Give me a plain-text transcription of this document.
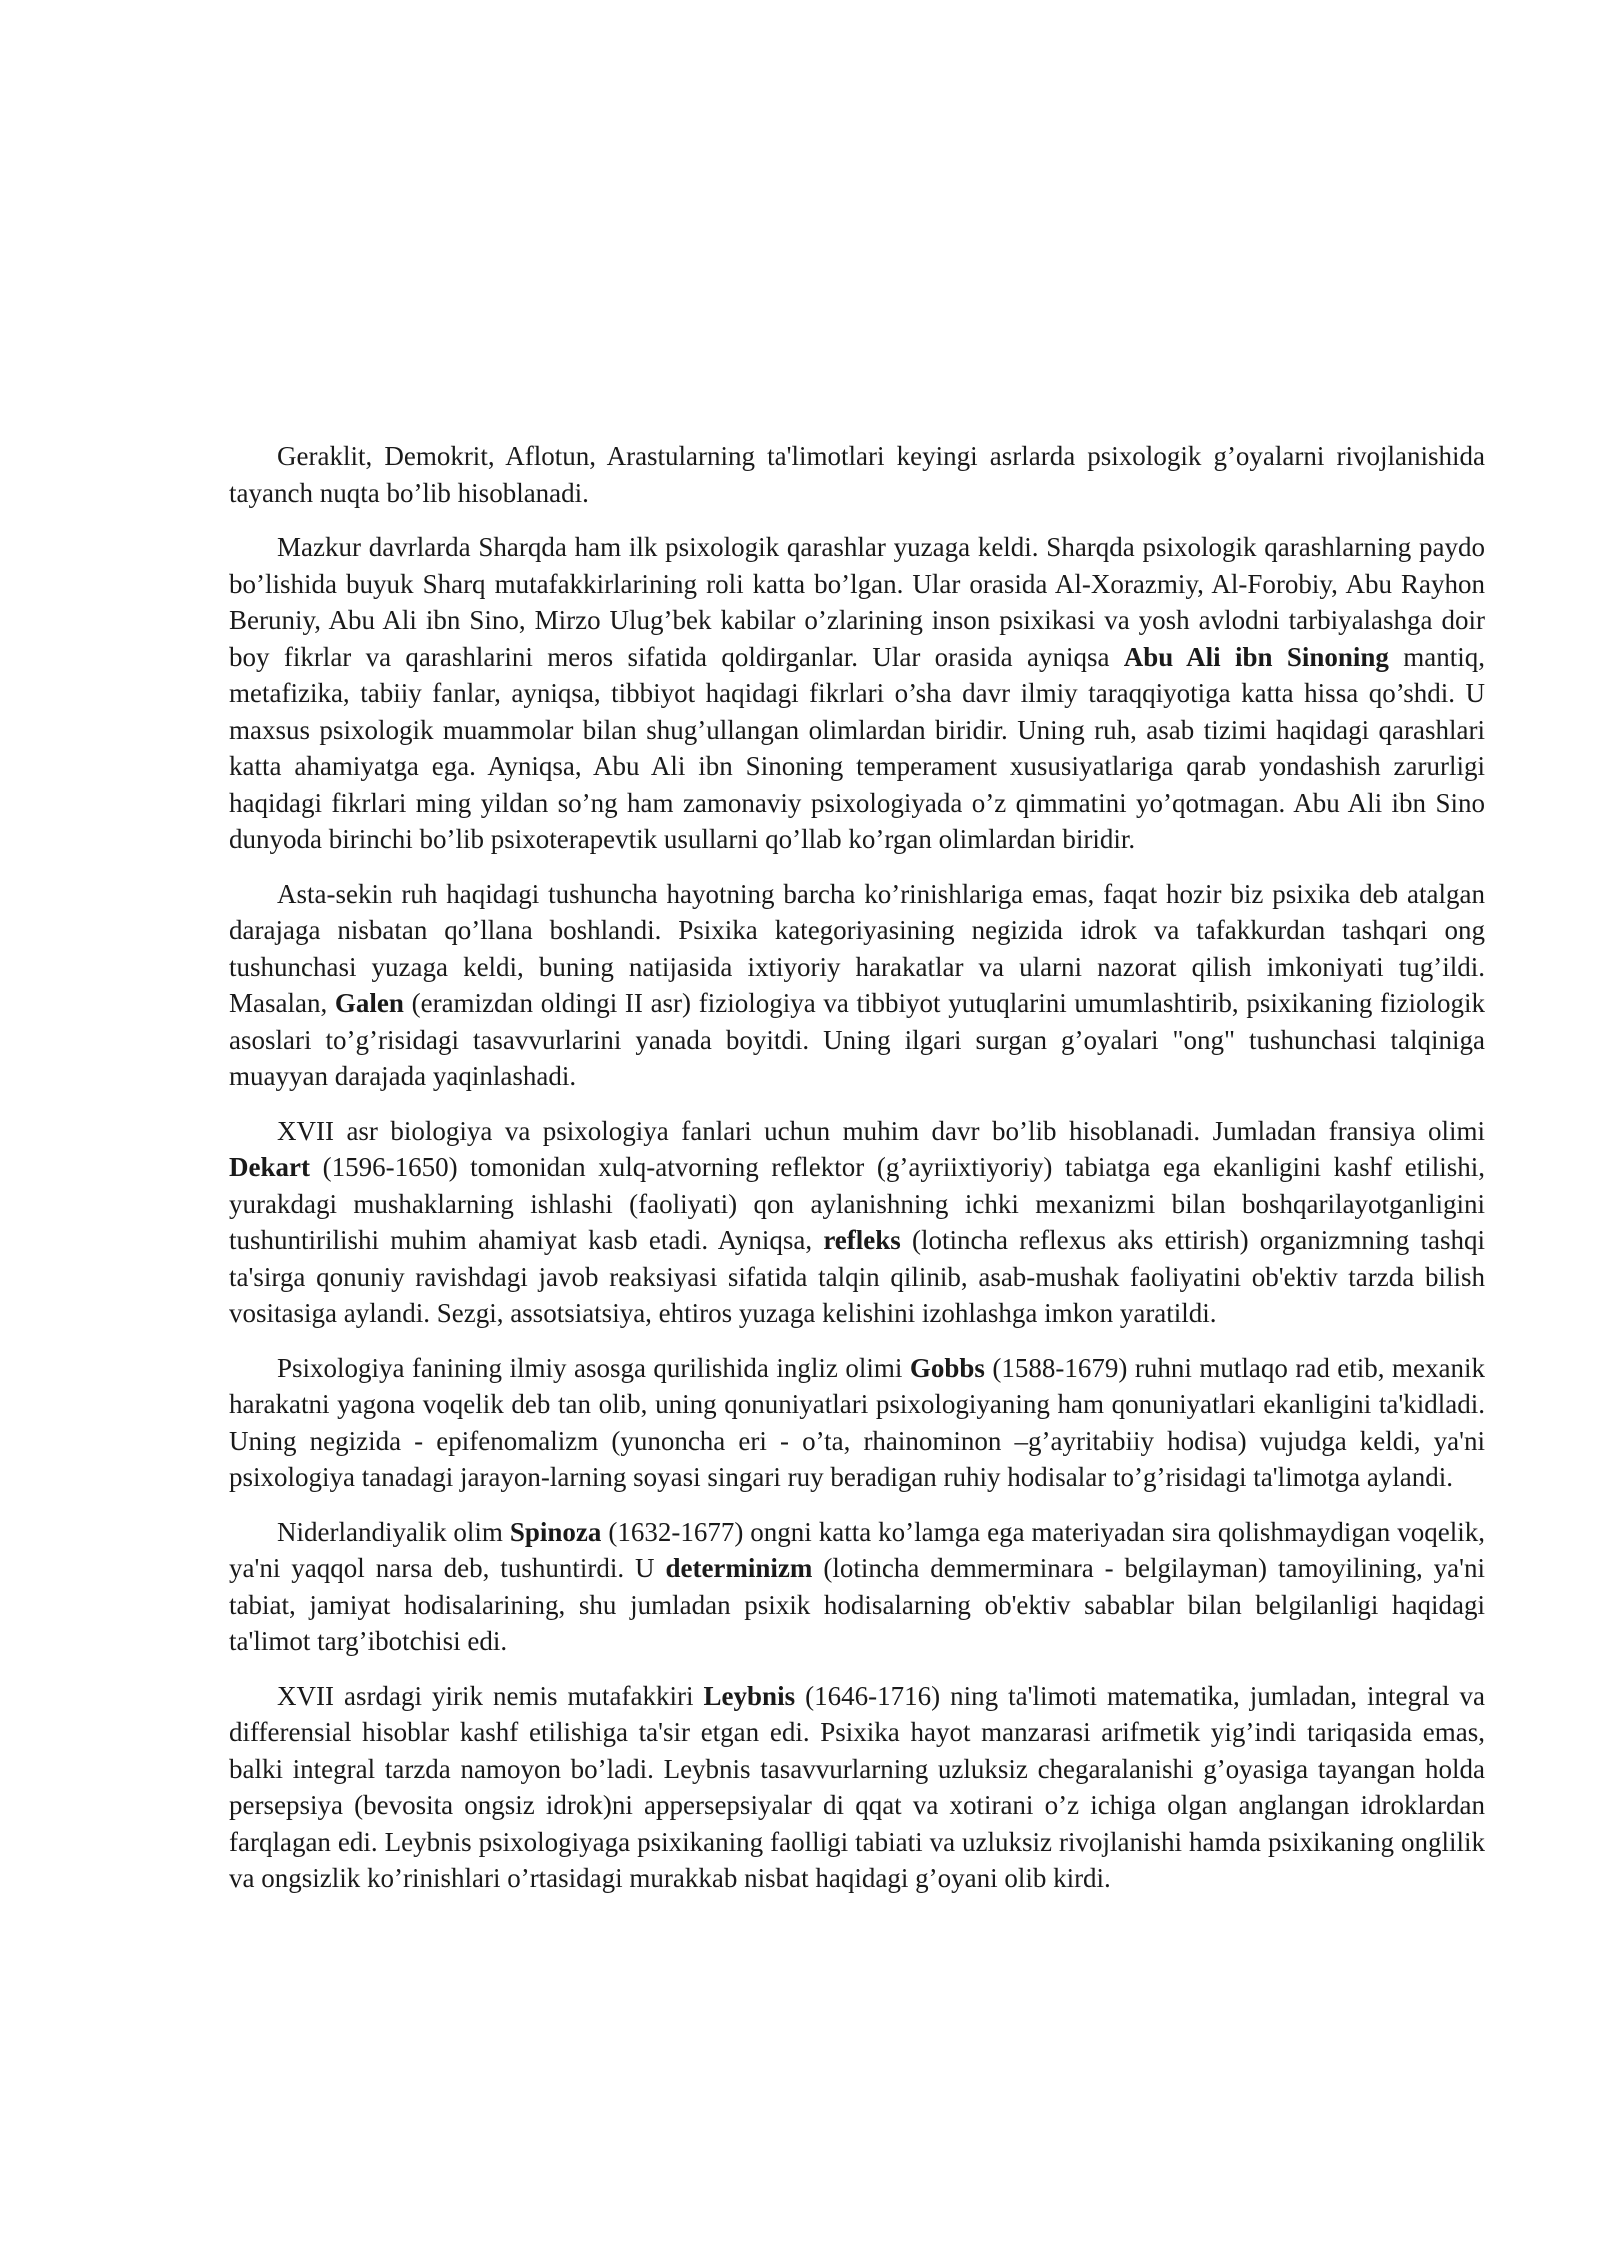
Geraklit, Demokrit, Aflotun, Arastularning ta'limotlari keyingi asrlarda psixologik g’oyalarni rivojlanishida tayanch nuqta bo’lib hisoblanadi.

Mazkur davrlarda Sharqda ham ilk psixologik qarashlar yuzaga keldi. Sharqda psixologik qarashlarning paydo bo’lishida buyuk Sharq mutafakkirlarining roli katta bo’lgan. Ular orasida Al-Xorazmiy, Al-Forobiy, Abu Rayhon Beruniy, Abu Ali ibn Sino, Mirzo Ulug’bek kabilar o’zlarining inson psixikasi va yosh avlodni tarbiyalashga doir boy fikrlar va qarashlarini meros sifatida qoldirganlar. Ular orasida ayniqsa Abu Ali ibn Sinoning mantiq, metafizika, tabiiy fanlar, ayniqsa, tibbiyot haqidagi fikrlari o’sha davr ilmiy taraqqiyotiga katta hissa qo’shdi. U maxsus psixologik muammolar bilan shug’ullangan olimlardan biridir. Uning ruh, asab tizimi haqidagi qarashlari katta ahamiyatga ega. Ayniqsa, Abu Ali ibn Sinoning temperament xususiyatlariga qarab yondashish zarurligi haqidagi fikrlari ming yildan so’ng ham zamonaviy psixologiyada o’z qimmatini yo’qotmagan. Abu Ali ibn Sino dunyoda birinchi bo’lib psixoterapevtik usullarni qo’llab ko’rgan olimlardan biridir.

Asta-sekin ruh haqidagi tushuncha hayotning barcha ko’rinishlariga emas, faqat hozir biz psixika deb atalgan darajaga nisbatan qo’llana boshlandi. Psixika kategoriyasining negizida idrok va tafakkurdan tashqari ong tushunchasi yuzaga keldi, buning natijasida ixtiyoriy harakatlar va ularni nazorat qilish imkoniyati tug’ildi. Masalan, Galen (eramizdan oldingi II asr) fiziologiya va tibbiyot yutuqlarini umumlashtirib, psixikaning fiziologik asoslari to’g’risidagi tasavvurlarini yanada boyitdi. Uning ilgari surgan g’oyalari "ong" tushunchasi talqiniga muayyan darajada yaqinlashadi.

XVII asr biologiya va psixologiya fanlari uchun muhim davr bo’lib hisoblanadi. Jumladan fransiya olimi Dekart (1596-1650) tomonidan xulq-atvorning reflektor (g’ayriixtiyoriy) tabiatga ega ekanligini kashf etilishi, yurakdagi mushaklarning ishlashi (faoliyati) qon aylanishning ichki mexanizmi bilan boshqarilayotganligini tushuntirilishi muhim ahamiyat kasb etadi. Ayniqsa, refleks (lotincha reflexus aks ettirish) organizmning tashqi ta'sirga qonuniy ravishdagi javob reaksiyasi sifatida talqin qilinib, asab-mushak faoliyatini ob'ektiv tarzda bilish vositasiga aylandi. Sezgi, assotsiatsiya, ehtiros yuzaga kelishini izohlashga imkon yaratildi.

Psixologiya fanining ilmiy asosga qurilishida ingliz olimi Gobbs (1588-1679) ruhni mutlaqo rad etib, mexanik harakatni yagona voqelik deb tan olib, uning qonuniyatlari psixologiyaning ham qonuniyatlari ekanligini ta'kidladi. Uning negizida - epifenomalizm (yunoncha eri - o’ta, rhainominon –g’ayritabiiy hodisa) vujudga keldi, ya'ni psixologiya tanadagi jarayon-larning soyasi singari ruy beradigan ruhiy hodisalar to’g’risidagi ta'limotga aylandi.

Niderlandiyalik olim Spinoza (1632-1677) ongni katta ko’lamga ega materiyadan sira qolishmaydigan voqelik, ya'ni yaqqol narsa deb, tushuntirdi. U determinizm (lotincha demmerminara - belgilayman) tamoyilining, ya'ni tabiat, jamiyat hodisalarining, shu jumladan psixik hodisalarning ob'ektiv sabablar bilan belgilanligi haqidagi ta'limot targ’ibotchisi edi.

XVII asrdagi yirik nemis mutafakkiri Leybnis (1646-1716) ning ta'limoti matematika, jumladan, integral va differensial hisoblar kashf etilishiga ta'sir etgan edi. Psixika hayot manzarasi arifmetik yig’indi tariqasida emas, balki integral tarzda namoyon bo’ladi. Leybnis tasavvurlarning uzluksiz chegaralanishi g’oyasiga tayangan holda persepsiya (bevosita ongsiz idrok)ni appersepsiyalar di qqat va xotirani o’z ichiga olgan anglangan idroklardan farqlagan edi. Leybnis psixologiyaga psixikaning faolligi tabiati va uzluksiz rivojlanishi hamda psixikaning onglilik va ongsizlik ko’rinishlari o’rtasidagi murakkab nisbat haqidagi g’oyani olib kirdi.
